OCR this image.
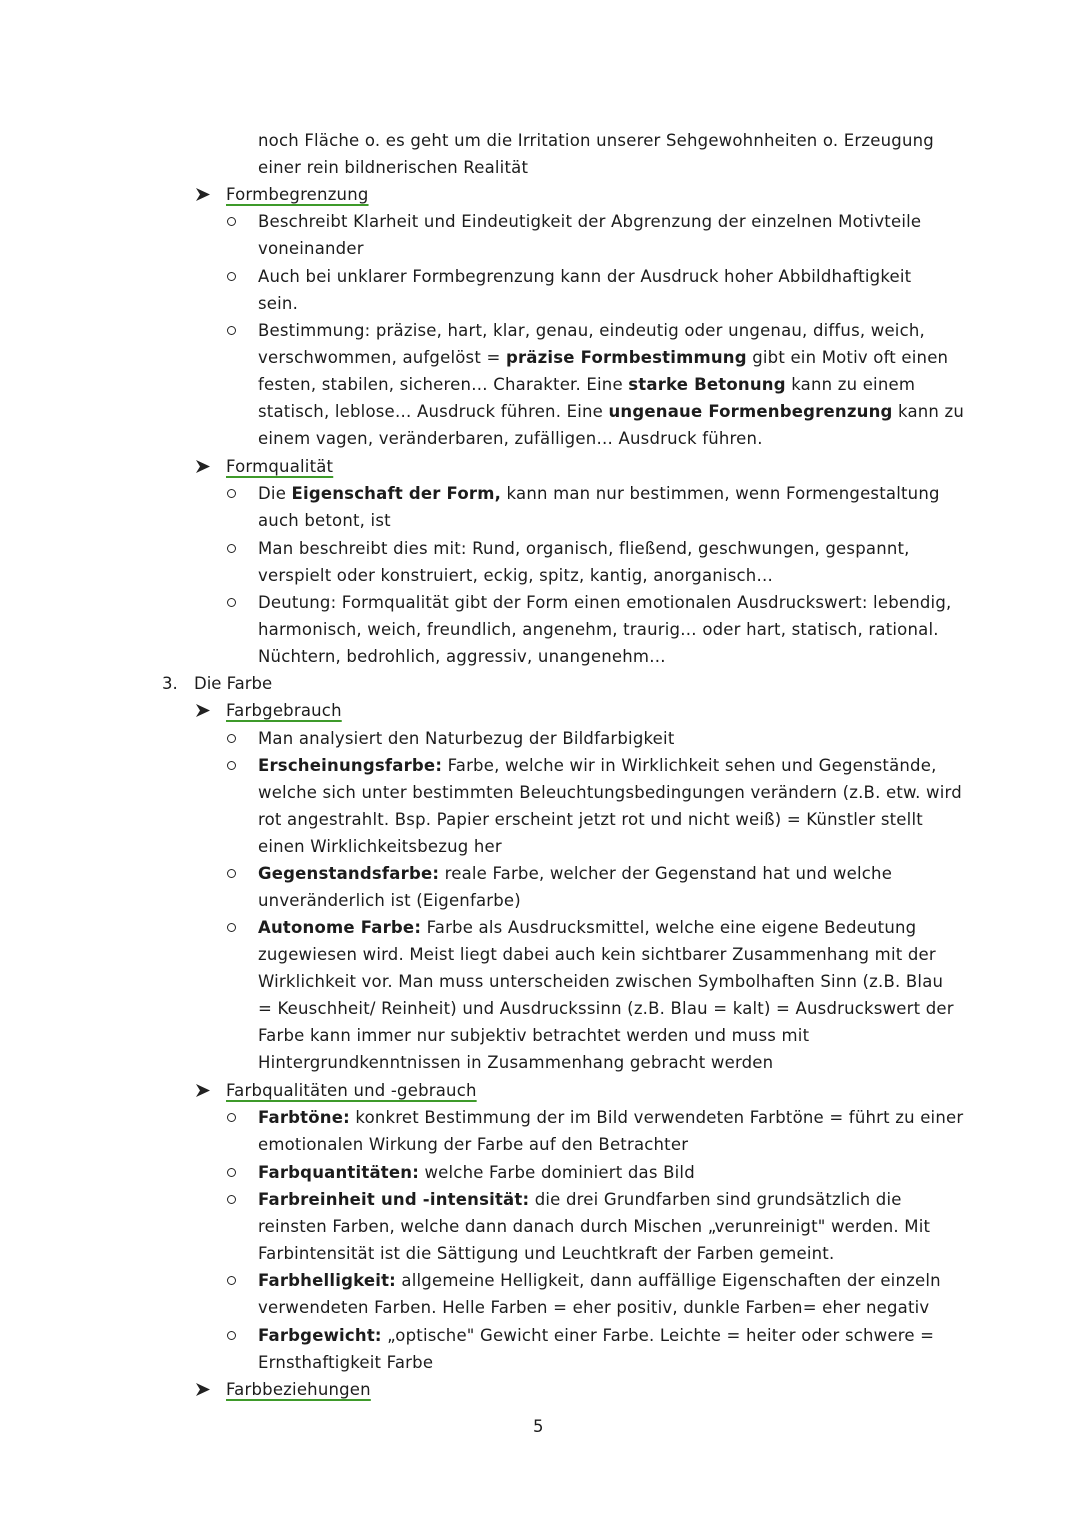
noch Fläche o. es geht um die Irritation unserer Sehgewohnheiten o. Erzeugung
einer rein bildnerischen Realität
Formbegrenzung
Beschreibt Klarheit und Eindeutigkeit der Abgrenzung der einzelnen Motivteile
voneinander
Auch bei unklarer Formbegrenzung kann der Ausdruck hoher Abbildhaftigkeit
sein.
Bestimmung: präzise, hart, klar, genau, eindeutig oder ungenau, diffus, weich,
verschwommen, aufgelöst = präzise Formbestimmung gibt ein Motiv oft einen
festen, stabilen, sicheren… Charakter. Eine starke Betonung kann zu einem
statisch, leblose… Ausdruck führen. Eine ungenaue Formenbegrenzung kann zu
einem vagen, veränderbaren, zufälligen… Ausdruck führen.
Formqualität
Die Eigenschaft der Form, kann man nur bestimmen, wenn Formengestaltung
auch betont, ist
Man beschreibt dies mit: Rund, organisch, fließend, geschwungen, gespannt,
verspielt oder konstruiert, eckig, spitz, kantig, anorganisch…
Deutung: Formqualität gibt der Form einen emotionalen Ausdruckswert: lebendig,
harmonisch, weich, freundlich, angenehm, traurig… oder hart, statisch, rational.
Nüchtern, bedrohlich, aggressiv, unangenehm…
3. Die Farbe
Farbgebrauch
Man analysiert den Naturbezug der Bildfarbigkeit
Erscheinungsfarbe: Farbe, welche wir in Wirklichkeit sehen und Gegenstände,
welche sich unter bestimmten Beleuchtungsbedingungen verändern (z.B. etw. wird
rot angestrahlt. Bsp. Papier erscheint jetzt rot und nicht weiß) = Künstler stellt
einen Wirklichkeitsbezug her
Gegenstandsfarbe: reale Farbe, welcher der Gegenstand hat und welche
unveränderlich ist (Eigenfarbe)
Autonome Farbe: Farbe als Ausdrucksmittel, welche eine eigene Bedeutung
zugewiesen wird. Meist liegt dabei auch kein sichtbarer Zusammenhang mit der
Wirklichkeit vor. Man muss unterscheiden zwischen Symbolhaften Sinn (z.B. Blau
= Keuschheit/ Reinheit) und Ausdruckssinn (z.B. Blau = kalt) = Ausdruckswert der
Farbe kann immer nur subjektiv betrachtet werden und muss mit
Hintergrundkenntnissen in Zusammenhang gebracht werden
Farbqualitäten und -gebrauch
Farbtöne: konkret Bestimmung der im Bild verwendeten Farbtöne = führt zu einer
emotionalen Wirkung der Farbe auf den Betrachter
Farbquantitäten: welche Farbe dominiert das Bild
Farbreinheit und -intensität: die drei Grundfarben sind grundsätzlich die
reinsten Farben, welche dann danach durch Mischen „verunreinigt" werden. Mit
Farbintensität ist die Sättigung und Leuchtkraft der Farben gemeint.
Farbhelligkeit: allgemeine Helligkeit, dann auffällige Eigenschaften der einzeln
verwendeten Farben. Helle Farben = eher positiv, dunkle Farben= eher negativ
Farbgewicht: „optische" Gewicht einer Farbe. Leichte = heiter oder schwere =
Ernsthaftigkeit Farbe
Farbbeziehungen
5
